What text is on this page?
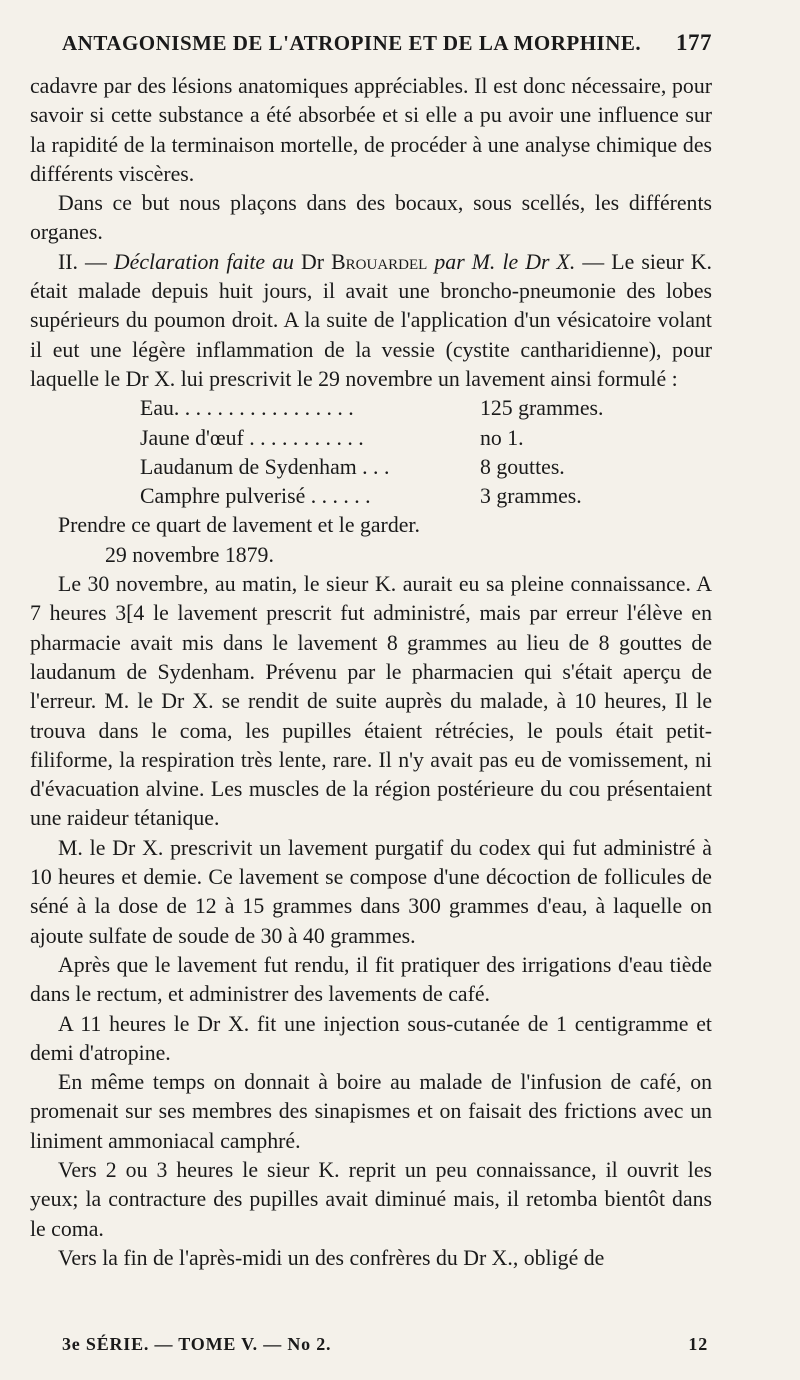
ANTAGONISME DE L'ATROPINE ET DE LA MORPHINE. 177

cadavre par des lésions anatomiques appréciables. Il est donc nécessaire, pour savoir si cette substance a été absorbée et si elle a pu avoir une influence sur la rapidité de la terminaison mortelle, de procéder à une analyse chimique des différents viscères.

Dans ce but nous plaçons dans des bocaux, sous scellés, les différents organes.

II. — Déclaration faite au Dr Brouardel par M. le Dr X. — Le sieur K. était malade depuis huit jours, il avait une broncho-pneumonie des lobes supérieurs du poumon droit. A la suite de l'application d'un vésicatoire volant il eut une légère inflammation de la vessie (cystite cantharidienne), pour laquelle le Dr X. lui prescrivit le 29 novembre un lavement ainsi formulé :

Eau. . . . . . . . . . . . . . . . .	125 grammes.
Jaune d'œuf . . . . . . . . . . .	no 1.
Laudanum de Sydenham . . .	8 gouttes.
Camphre pulverisé . . . . . .	3 grammes.

Prendre ce quart de lavement et le garder.

29 novembre 1879.

Le 30 novembre, au matin, le sieur K. aurait eu sa pleine connaissance. A 7 heures 3[4 le lavement prescrit fut administré, mais par erreur l'élève en pharmacie avait mis dans le lavement 8 grammes au lieu de 8 gouttes de laudanum de Sydenham. Prévenu par le pharmacien qui s'était aperçu de l'erreur. M. le Dr X. se rendit de suite auprès du malade, à 10 heures, Il le trouva dans le coma, les pupilles étaient rétrécies, le pouls était petit-filiforme, la respiration très lente, rare. Il n'y avait pas eu de vomissement, ni d'évacuation alvine. Les muscles de la région postérieure du cou présentaient une raideur tétanique.

M. le Dr X. prescrivit un lavement purgatif du codex qui fut administré à 10 heures et demie. Ce lavement se compose d'une décoction de follicules de séné à la dose de 12 à 15 grammes dans 300 grammes d'eau, à laquelle on ajoute sulfate de soude de 30 à 40 grammes.

Après que le lavement fut rendu, il fit pratiquer des irrigations d'eau tiède dans le rectum, et administrer des lavements de café.

A 11 heures le Dr X. fit une injection sous-cutanée de 1 centigramme et demi d'atropine.

En même temps on donnait à boire au malade de l'infusion de café, on promenait sur ses membres des sinapismes et on faisait des frictions avec un liniment ammoniacal camphré.

Vers 2 ou 3 heures le sieur K. reprit un peu connaissance, il ouvrit les yeux; la contracture des pupilles avait diminué mais, il retomba bientôt dans le coma.

Vers la fin de l'après-midi un des confrères du Dr X., obligé de

3e SÉRIE. — TOME V. — No 2.	12
